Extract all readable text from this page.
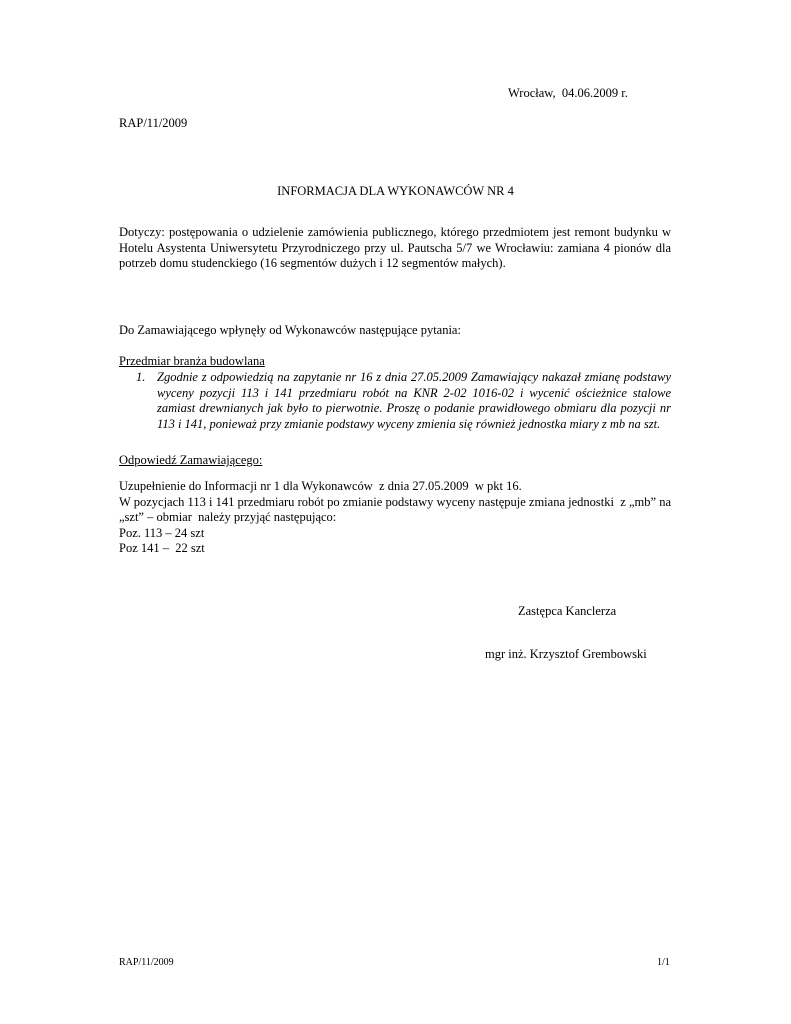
Wrocław,  04.06.2009 r.
RAP/11/2009
INFORMACJA DLA WYKONAWCÓW NR 4
Dotyczy: postępowania o udzielenie zamówienia publicznego, którego przedmiotem jest remont budynku w Hotelu Asystenta Uniwersytetu Przyrodniczego przy ul. Pautscha 5/7 we Wrocławiu: zamiana 4 pionów dla potrzeb domu studenckiego (16 segmentów dużych i 12 segmentów małych).
Do Zamawiającego wpłynęły od Wykonawców następujące pytania:
Przedmiar branża budowlana
1. Zgodnie z odpowiedzią na zapytanie nr 16 z dnia 27.05.2009 Zamawiający nakazał zmianę podstawy wyceny pozycji 113 i 141 przedmiaru robót na KNR 2-02 1016-02 i wycenić ościeżnice stalowe zamiast drewnianych jak było to pierwotnie. Proszę o podanie prawidłowego obmiaru dla pozycji nr 113 i 141, ponieważ przy zmianie podstawy wyceny zmienia się również jednostka miary z mb na szt.
Odpowiedź Zamawiającego:
Uzupełnienie do Informacji nr 1 dla Wykonawców  z dnia 27.05.2009  w pkt 16.
W pozycjach 113 i 141 przedmiaru robót po zmianie podstawy wyceny następuje zmiana jednostki  z „mb” na „szt” – obmiar  należy przyjąć następująco:
Poz. 113 – 24 szt
Poz 141 –  22 szt
Zastępca Kanclerza
mgr inż. Krzysztof Grembowski
RAP/11/2009	1/1
